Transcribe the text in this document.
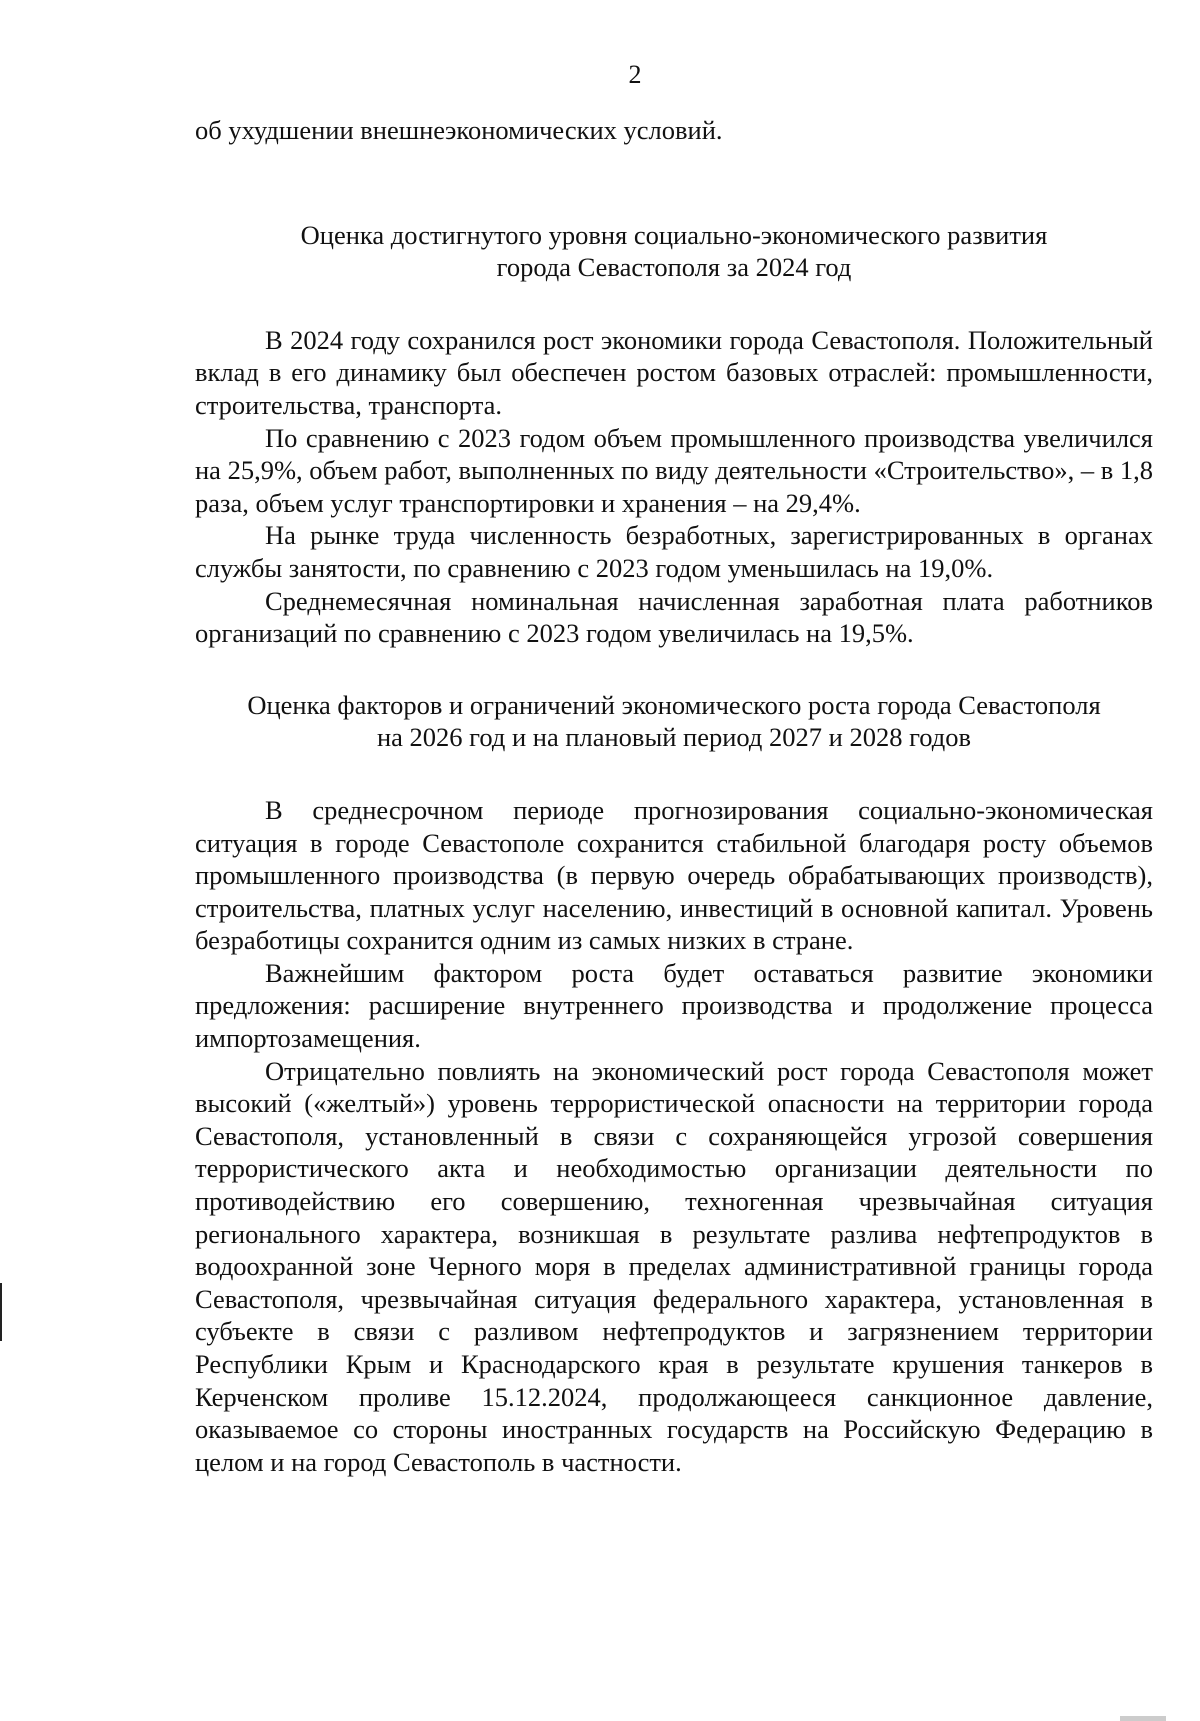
2

об ухудшении внешнеэкономических условий.

Оценка достигнутого уровня социально-экономического развития
города Севастополя за 2024 год

В 2024 году сохранился рост экономики города Севастополя. Положительный вклад в его динамику был обеспечен ростом базовых отраслей: промышленности, строительства, транспорта.

По сравнению с 2023 годом объем промышленного производства увеличился на 25,9%, объем работ, выполненных по виду деятельности «Строительство», – в 1,8 раза, объем услуг транспортировки и хранения – на 29,4%.

На рынке труда численность безработных, зарегистрированных в органах службы занятости, по сравнению с 2023 годом уменьшилась на 19,0%.

Среднемесячная номинальная начисленная заработная плата работников организаций по сравнению с 2023 годом увеличилась на 19,5%.

Оценка факторов и ограничений экономического роста города Севастополя
на 2026 год и на плановый период 2027 и 2028 годов

В среднесрочном периоде прогнозирования социально-экономическая ситуация в городе Севастополе сохранится стабильной благодаря росту объемов промышленного производства (в первую очередь обрабатывающих производств), строительства, платных услуг населению, инвестиций в основной капитал. Уровень безработицы сохранится одним из самых низких в стране.

Важнейшим фактором роста будет оставаться развитие экономики предложения: расширение внутреннего производства и продолжение процесса импортозамещения.

Отрицательно повлиять на экономический рост города Севастополя может высокий («желтый») уровень террористической опасности на территории города Севастополя, установленный в связи с сохраняющейся угрозой совершения террористического акта и необходимостью организации деятельности по противодействию его совершению, техногенная чрезвычайная ситуация регионального характера, возникшая в результате разлива нефтепродуктов в водоохранной зоне Черного моря в пределах административной границы города Севастополя, чрезвычайная ситуация федерального характера, установленная в субъекте в связи с разливом нефтепродуктов и загрязнением территории Республики Крым и Краснодарского края в результате крушения танкеров в Керченском проливе 15.12.2024, продолжающееся санкционное давление, оказываемое со стороны иностранных государств на Российскую Федерацию в целом и на город Севастополь в частности.
